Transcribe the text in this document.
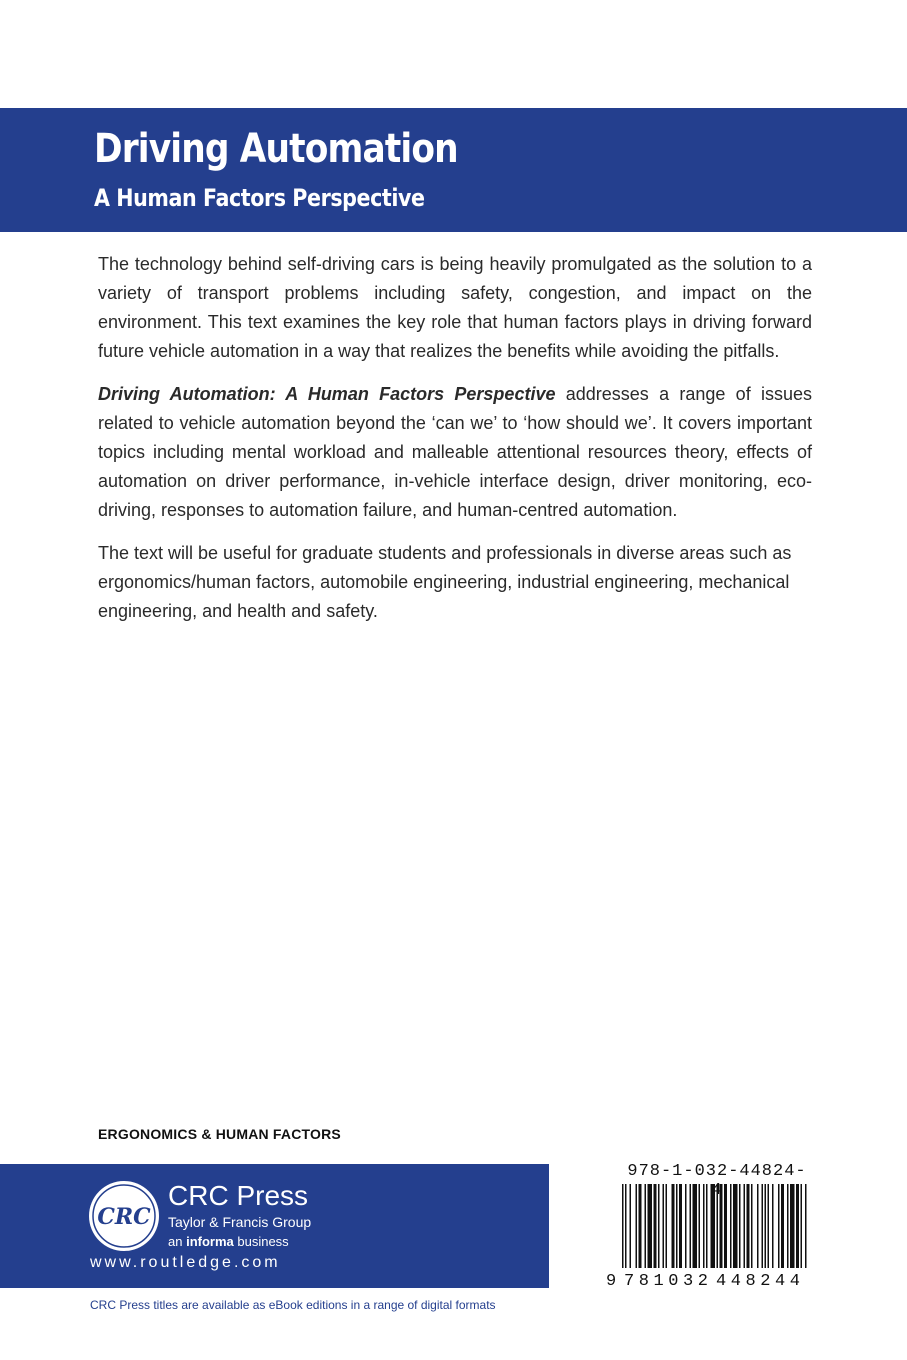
Driving Automation
A Human Factors Perspective

The technology behind self-driving cars is being heavily promulgated as the solution to a variety of transport problems including safety, congestion, and impact on the environment. This text examines the key role that human factors plays in driving forward future vehicle automation in a way that realizes the benefits while avoiding the pitfalls.

Driving Automation: A Human Factors Perspective addresses a range of issues related to vehicle automation beyond the ‘can we’ to ‘how should we’. It covers important topics including mental workload and malleable attentional resources theory, effects of automation on driver performance, in-vehicle interface design, driver monitoring, eco-driving, responses to automation failure, and human-centred automation.

The text will be useful for graduate students and professionals in diverse areas such as ergonomics/human factors, automobile engineering, industrial engineering, mechanical engineering, and health and safety.

ERGONOMICS & HUMAN FACTORS
CRC
CRC Press
Taylor & Francis Group
an informa business
www.routledge.com
978-1-032-44824-4
9 781032 448244
CRC Press titles are available as eBook editions in a range of digital formats
